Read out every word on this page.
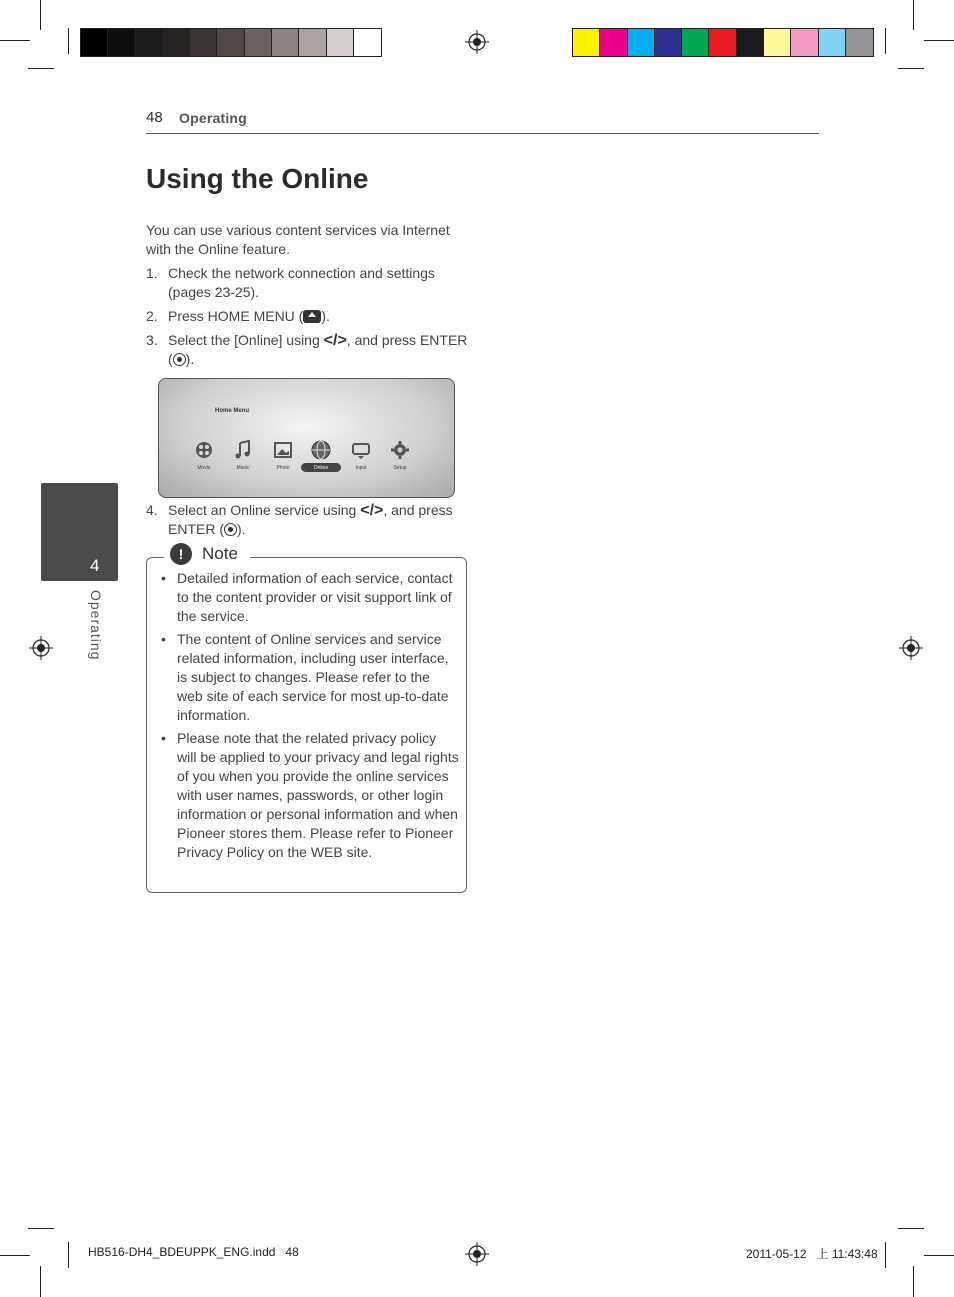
48 Operating
Using the Online
You can use various content services via Internet with the Online feature.
1. Check the network connection and settings (pages 23-25).
2. Press HOME MENU ( ).
3. Select the [Online] using </>, and press ENTER ( ).
Home Menu
Movie	Music	Photo	Online	Input	Setup
4. Select an Online service using </>, and press ENTER ( ).
4
Operating
!	Note
• Detailed information of each service, contact to the content provider or visit support link of the service.
• The content of Online services and service related information, including user interface, is subject to changes. Please refer to the web site of each service for most up-to-date information.
• Please note that the related privacy policy will be applied to your privacy and legal rights of you when you provide the online services with user names, passwords, or other login information or personal information and when Pioneer stores them. Please refer to Pioneer Privacy Policy on the WEB site.
HB516-DH4_BDEUPPK_ENG.indd   48	2011-05-12   上 11:43:48
